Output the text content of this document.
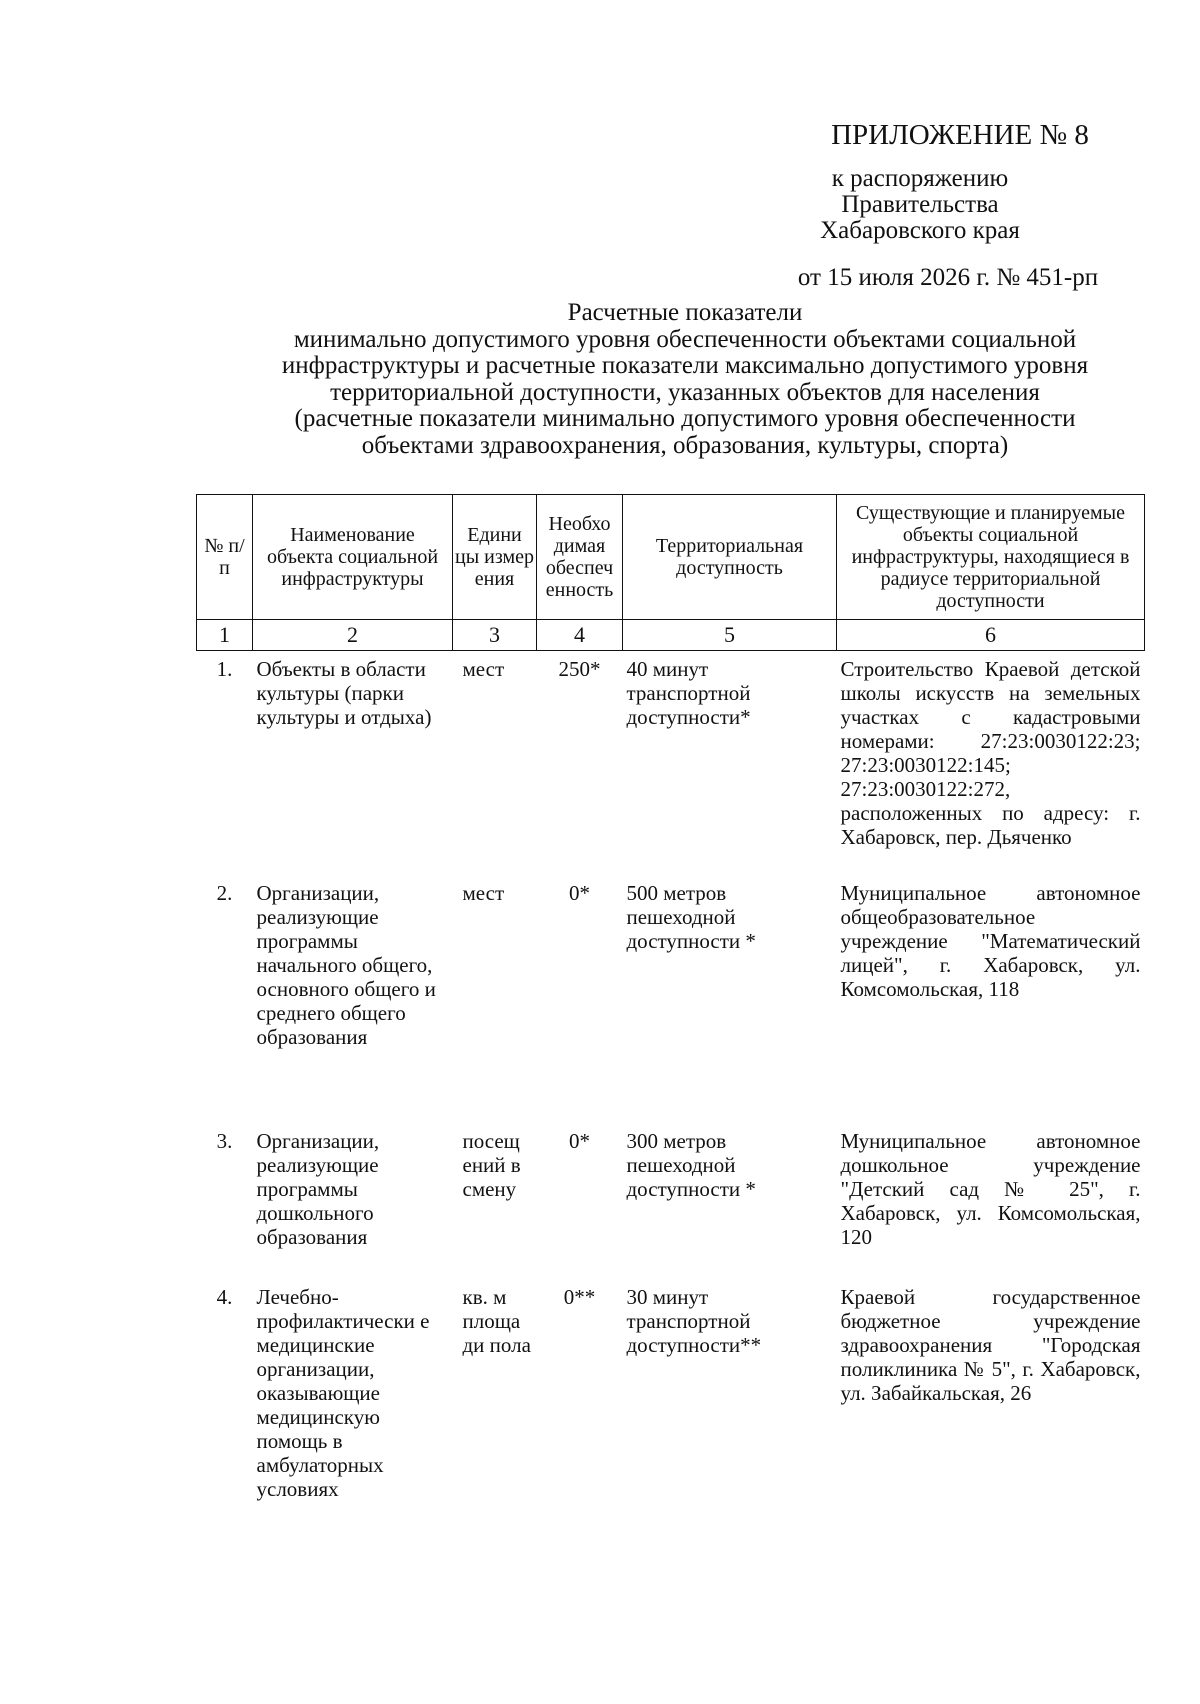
ПРИЛОЖЕНИЕ № 8
к распоряжению
Правительства
Хабаровского края
от 15 июля 2026 г. № 451-рп
Расчетные показатели
минимально допустимого уровня обеспеченности объектами социальной
инфраструктуры и расчетные показатели максимально допустимого уровня
территориальной доступности, указанных объектов для населения
(расчетные показатели минимально допустимого уровня обеспеченности
объектами здравоохранения, образования, культуры, спорта)
№ п/п	Наименование объекта социальной инфраструктуры	Едини цы измер ения	Необхо димая обеспеч енность	Территориальная доступность	Существующие и планируемые объекты социальной инфраструктуры, находящиеся в радиусе территориальной доступности
1	2	3	4	5	6
1.	Объекты в области культуры (парки культуры и отдыха)	мест	250*	40 минут транспортной доступности*	Строительство Краевой детской школы искусств на земельных участках с кадастровыми номерами: 27:23:0030122:23; 27:23:0030122:145; 27:23:0030122:272, расположенных по адресу: г. Хабаровск, пер. Дьяченко
2.	Организации, реализующие программы начального общего, основного общего и среднего общего образования	мест	0*	500 метров пешеходной доступности *	Муниципальное автономное общеобразовательное учреждение "Математический лицей", г. Хабаровск, ул. Комсомольская, 118
3.	Организации, реализующие программы дошкольного образования	посещ ений в смену	0*	300 метров пешеходной доступности *	Муниципальное автономное дошкольное учреждение "Детский сад № 25", г. Хабаровск, ул. Комсомольская, 120
4.	Лечебно-профилактически е медицинские организации, оказывающие медицинскую помощь в амбулаторных условиях	кв. м площа ди пола	0**	30 минут транспортной доступности**	Краевой государственное бюджетное учреждение здравоохранения "Городская поликлиника № 5", г. Хабаровск, ул. Забайкальская, 26
